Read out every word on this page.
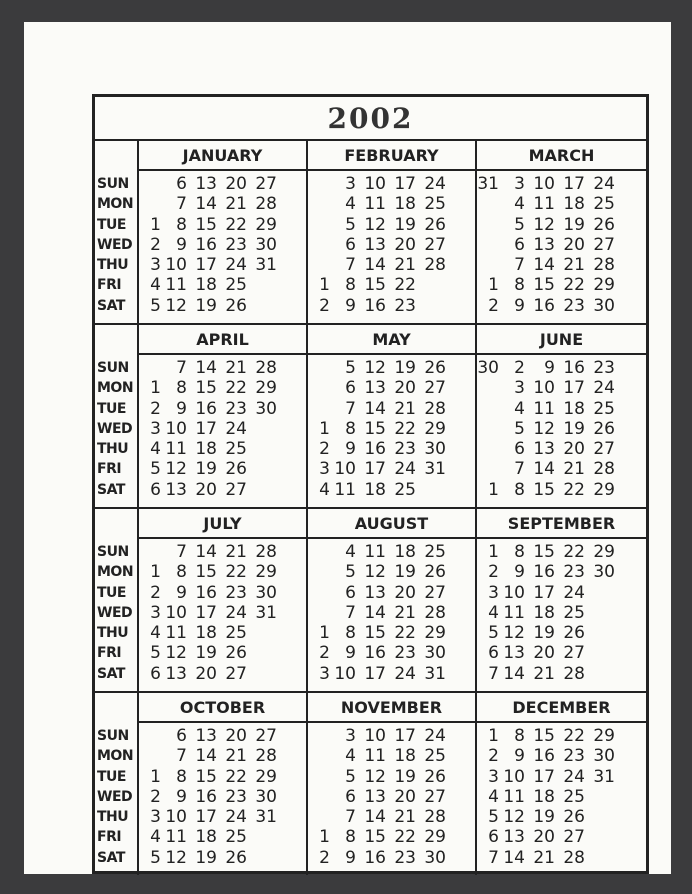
2002
SUN
MON
TUE
WED
THU
FRI
SAT
JANUARY
6 13 20 27
7 14 21 28
1 8 15 22 29
2 9 16 23 30
3 10 17 24 31
4 11 18 25
5 12 19 26
FEBRUARY
3 10 17 24
4 11 18 25
5 12 19 26
6 13 20 27
7 14 21 28
1 8 15 22
2 9 16 23
MARCH
31 3 10 17 24
4 11 18 25
5 12 19 26
6 13 20 27
7 14 21 28
1 8 15 22 29
2 9 16 23 30
SUN
MON
TUE
WED
THU
FRI
SAT
APRIL
7 14 21 28
1 8 15 22 29
2 9 16 23 30
3 10 17 24
4 11 18 25
5 12 19 26
6 13 20 27
MAY
5 12 19 26
6 13 20 27
7 14 21 28
1 8 15 22 29
2 9 16 23 30
3 10 17 24 31
4 11 18 25
JUNE
30 2 9 16 23
3 10 17 24
4 11 18 25
5 12 19 26
6 13 20 27
7 14 21 28
1 8 15 22 29
SUN
MON
TUE
WED
THU
FRI
SAT
JULY
7 14 21 28
1 8 15 22 29
2 9 16 23 30
3 10 17 24 31
4 11 18 25
5 12 19 26
6 13 20 27
AUGUST
4 11 18 25
5 12 19 26
6 13 20 27
7 14 21 28
1 8 15 22 29
2 9 16 23 30
3 10 17 24 31
SEPTEMBER
1 8 15 22 29
2 9 16 23 30
3 10 17 24
4 11 18 25
5 12 19 26
6 13 20 27
7 14 21 28
SUN
MON
TUE
WED
THU
FRI
SAT
OCTOBER
6 13 20 27
7 14 21 28
1 8 15 22 29
2 9 16 23 30
3 10 17 24 31
4 11 18 25
5 12 19 26
NOVEMBER
3 10 17 24
4 11 18 25
5 12 19 26
6 13 20 27
7 14 21 28
1 8 15 22 29
2 9 16 23 30
DECEMBER
1 8 15 22 29
2 9 16 23 30
3 10 17 24 31
4 11 18 25
5 12 19 26
6 13 20 27
7 14 21 28
